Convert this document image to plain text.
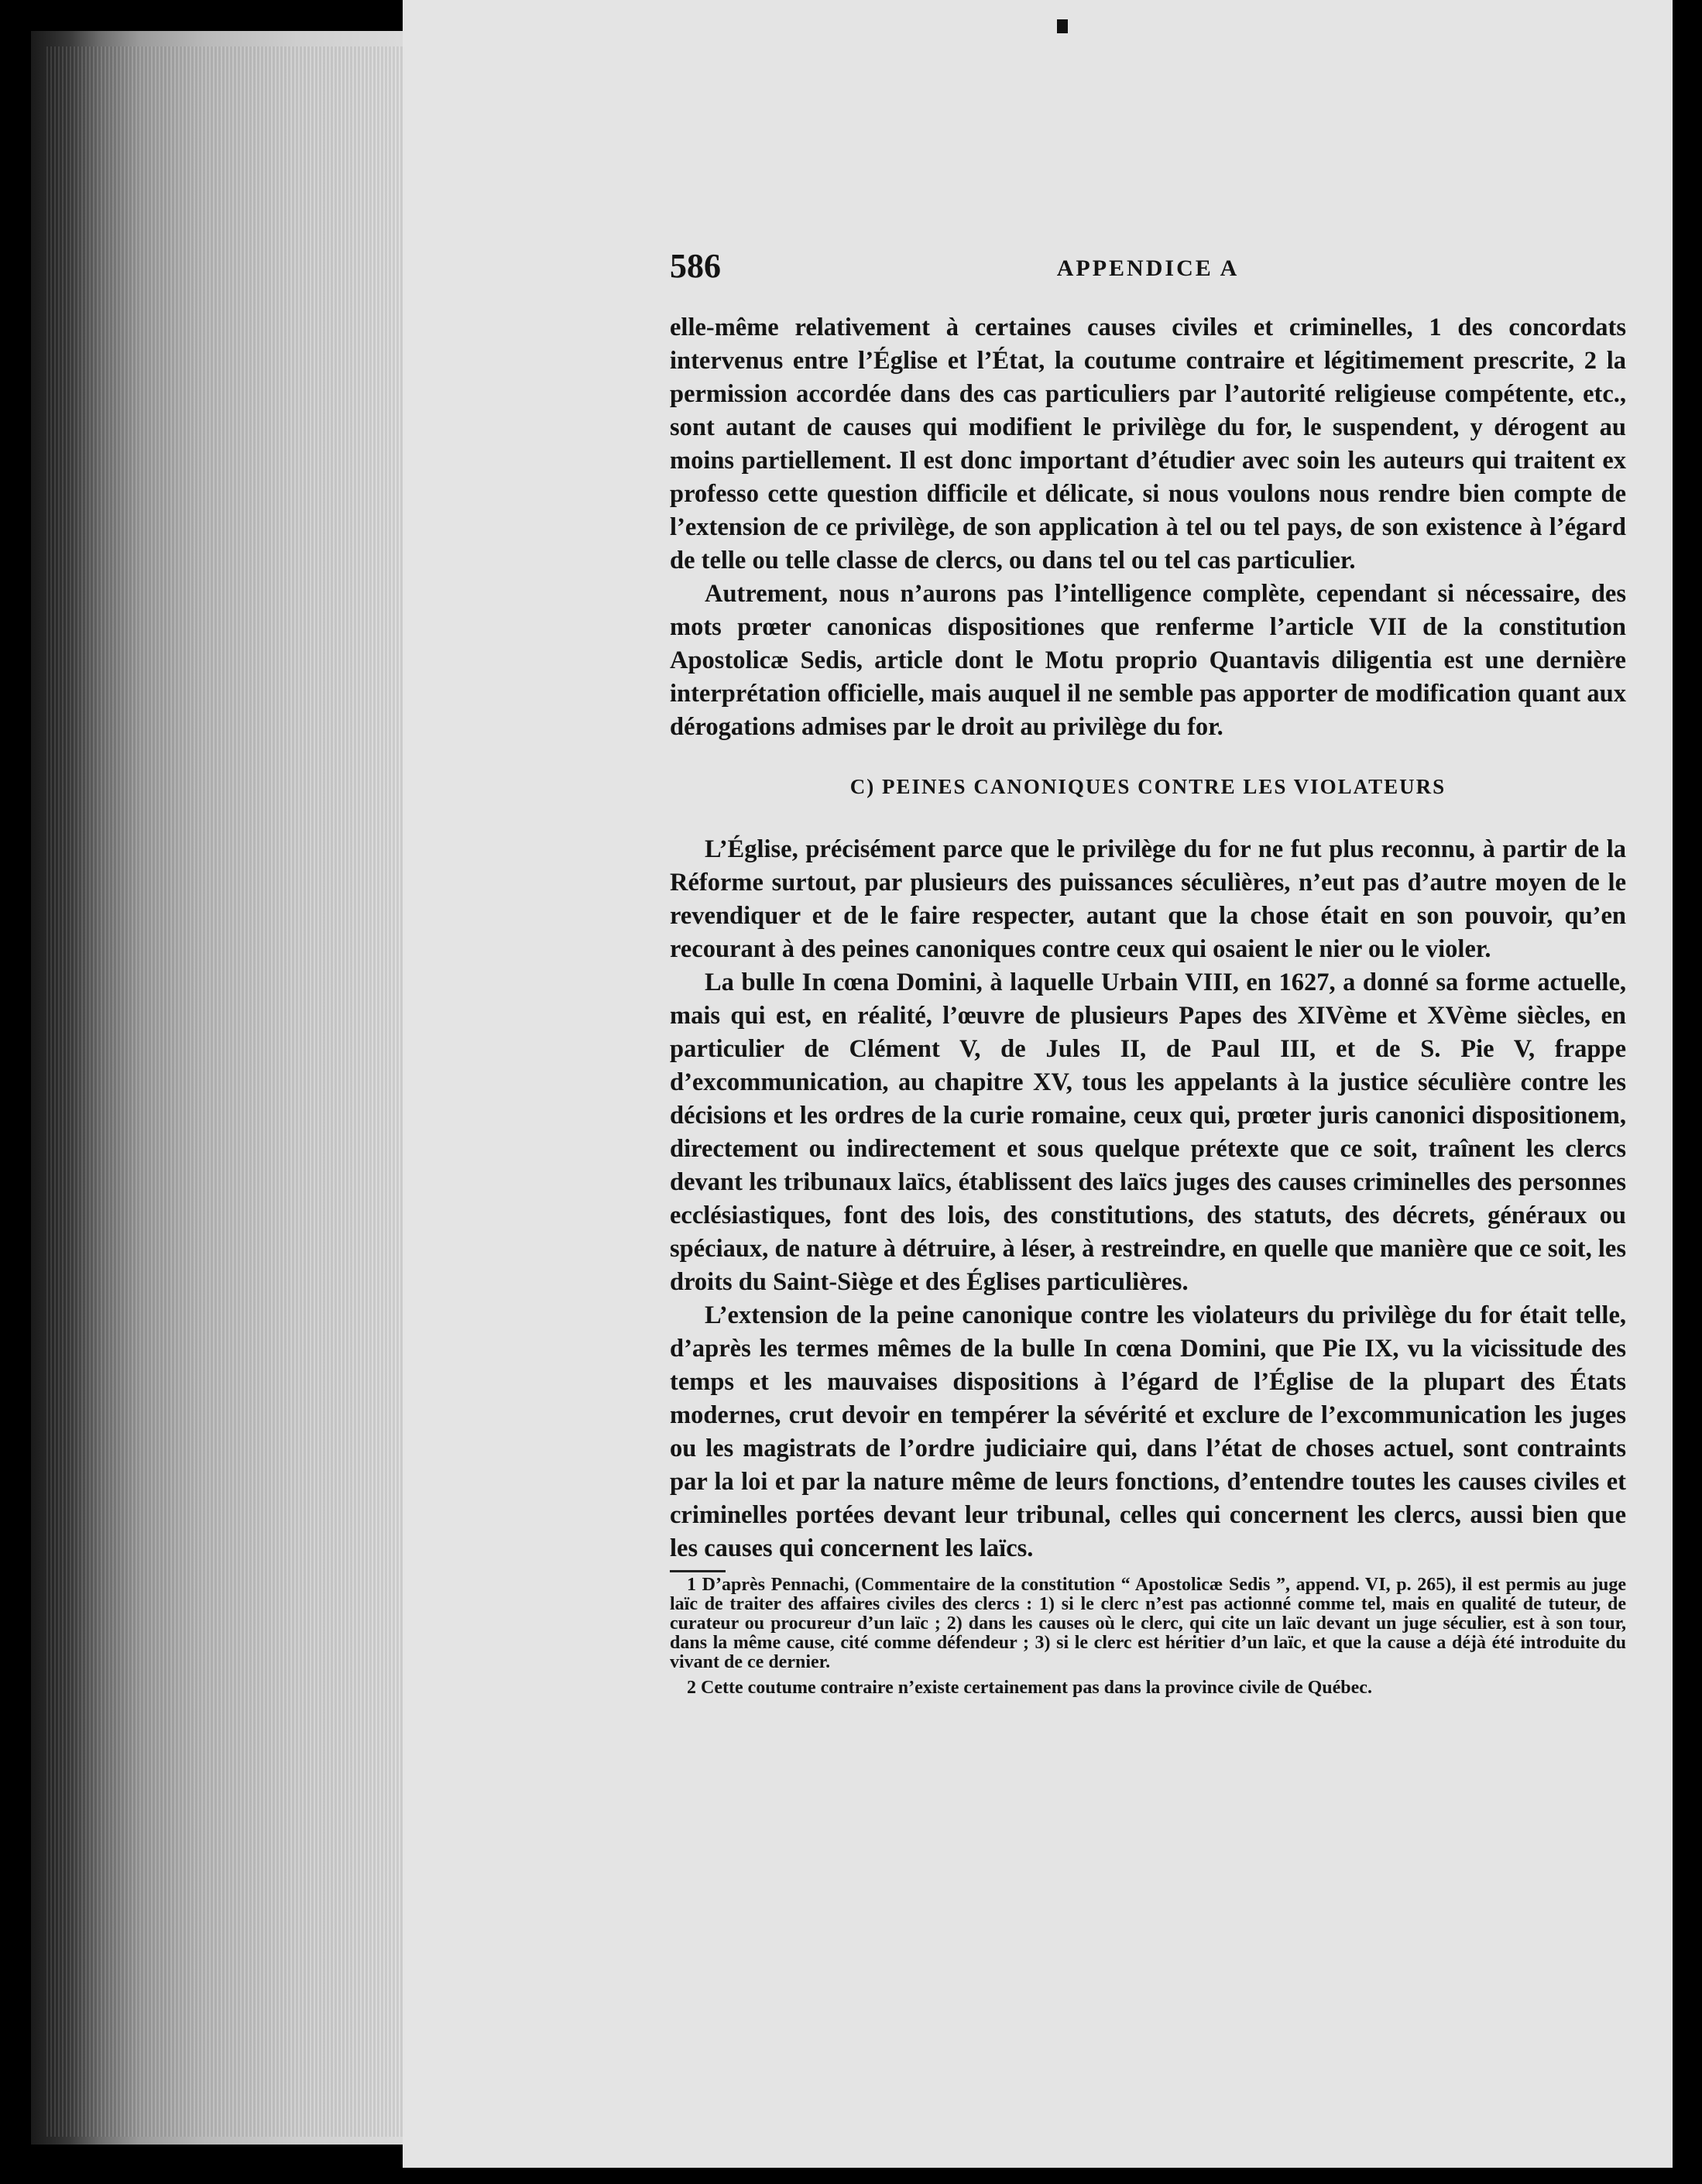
586	APPENDICE A

elle-même relativement à certaines causes civiles et criminelles, 1 des concordats intervenus entre l’Église et l’État, la coutume contraire et légitimement prescrite, 2 la permission accordée dans des cas particuliers par l’autorité religieuse compétente, etc., sont autant de causes qui modifient le privilège du for, le suspendent, y dérogent au moins partiellement. Il est donc important d’étudier avec soin les auteurs qui traitent ex professo cette question difficile et délicate, si nous voulons nous rendre bien compte de l’extension de ce privilège, de son application à tel ou tel pays, de son existence à l’égard de telle ou telle classe de clercs, ou dans tel ou tel cas particulier.

Autrement, nous n’aurons pas l’intelligence complète, cependant si nécessaire, des mots prœter canonicas dispositiones que renferme l’article VII de la constitution Apostolicæ Sedis, article dont le Motu proprio Quantavis diligentia est une dernière interprétation officielle, mais auquel il ne semble pas apporter de modification quant aux dérogations admises par le droit au privilège du for.

C) PEINES CANONIQUES CONTRE LES VIOLATEURS

L’Église, précisément parce que le privilège du for ne fut plus reconnu, à partir de la Réforme surtout, par plusieurs des puissances séculières, n’eut pas d’autre moyen de le revendiquer et de le faire respecter, autant que la chose était en son pouvoir, qu’en recourant à des peines canoniques contre ceux qui osaient le nier ou le violer.

La bulle In cœna Domini, à laquelle Urbain VIII, en 1627, a donné sa forme actuelle, mais qui est, en réalité, l’œuvre de plusieurs Papes des XIVème et XVème siècles, en particulier de Clément V, de Jules II, de Paul III, et de S. Pie V, frappe d’excommunication, au chapitre XV, tous les appelants à la justice séculière contre les décisions et les ordres de la curie romaine, ceux qui, prœter juris canonici dispositionem, directement ou indirectement et sous quelque prétexte que ce soit, traînent les clercs devant les tribunaux laïcs, établissent des laïcs juges des causes criminelles des personnes ecclésiastiques, font des lois, des constitutions, des statuts, des décrets, généraux ou spéciaux, de nature à détruire, à léser, à restreindre, en quelle que manière que ce soit, les droits du Saint-Siège et des Églises particulières.

L’extension de la peine canonique contre les violateurs du privilège du for était telle, d’après les termes mêmes de la bulle In cœna Domini, que Pie IX, vu la vicissitude des temps et les mauvaises dispositions à l’égard de l’Église de la plupart des États modernes, crut devoir en tempérer la sévérité et exclure de l’excommunication les juges ou les magistrats de l’ordre judiciaire qui, dans l’état de choses actuel, sont contraints par la loi et par la nature même de leurs fonctions, d’entendre toutes les causes civiles et criminelles portées devant leur tribunal, celles qui concernent les clercs, aussi bien que les causes qui concernent les laïcs.

1 D’après Pennachi, (Commentaire de la constitution “ Apostolicæ Sedis ”, append. VI, p. 265), il est permis au juge laïc de traiter des affaires civiles des clercs : 1) si le clerc n’est pas actionné comme tel, mais en qualité de tuteur, de curateur ou procureur d’un laïc ; 2) dans les causes où le clerc, qui cite un laïc devant un juge séculier, est à son tour, dans la même cause, cité comme défendeur ; 3) si le clerc est héritier d’un laïc, et que la cause a déjà été introduite du vivant de ce dernier.

2 Cette coutume contraire n’existe certainement pas dans la province civile de Québec.
